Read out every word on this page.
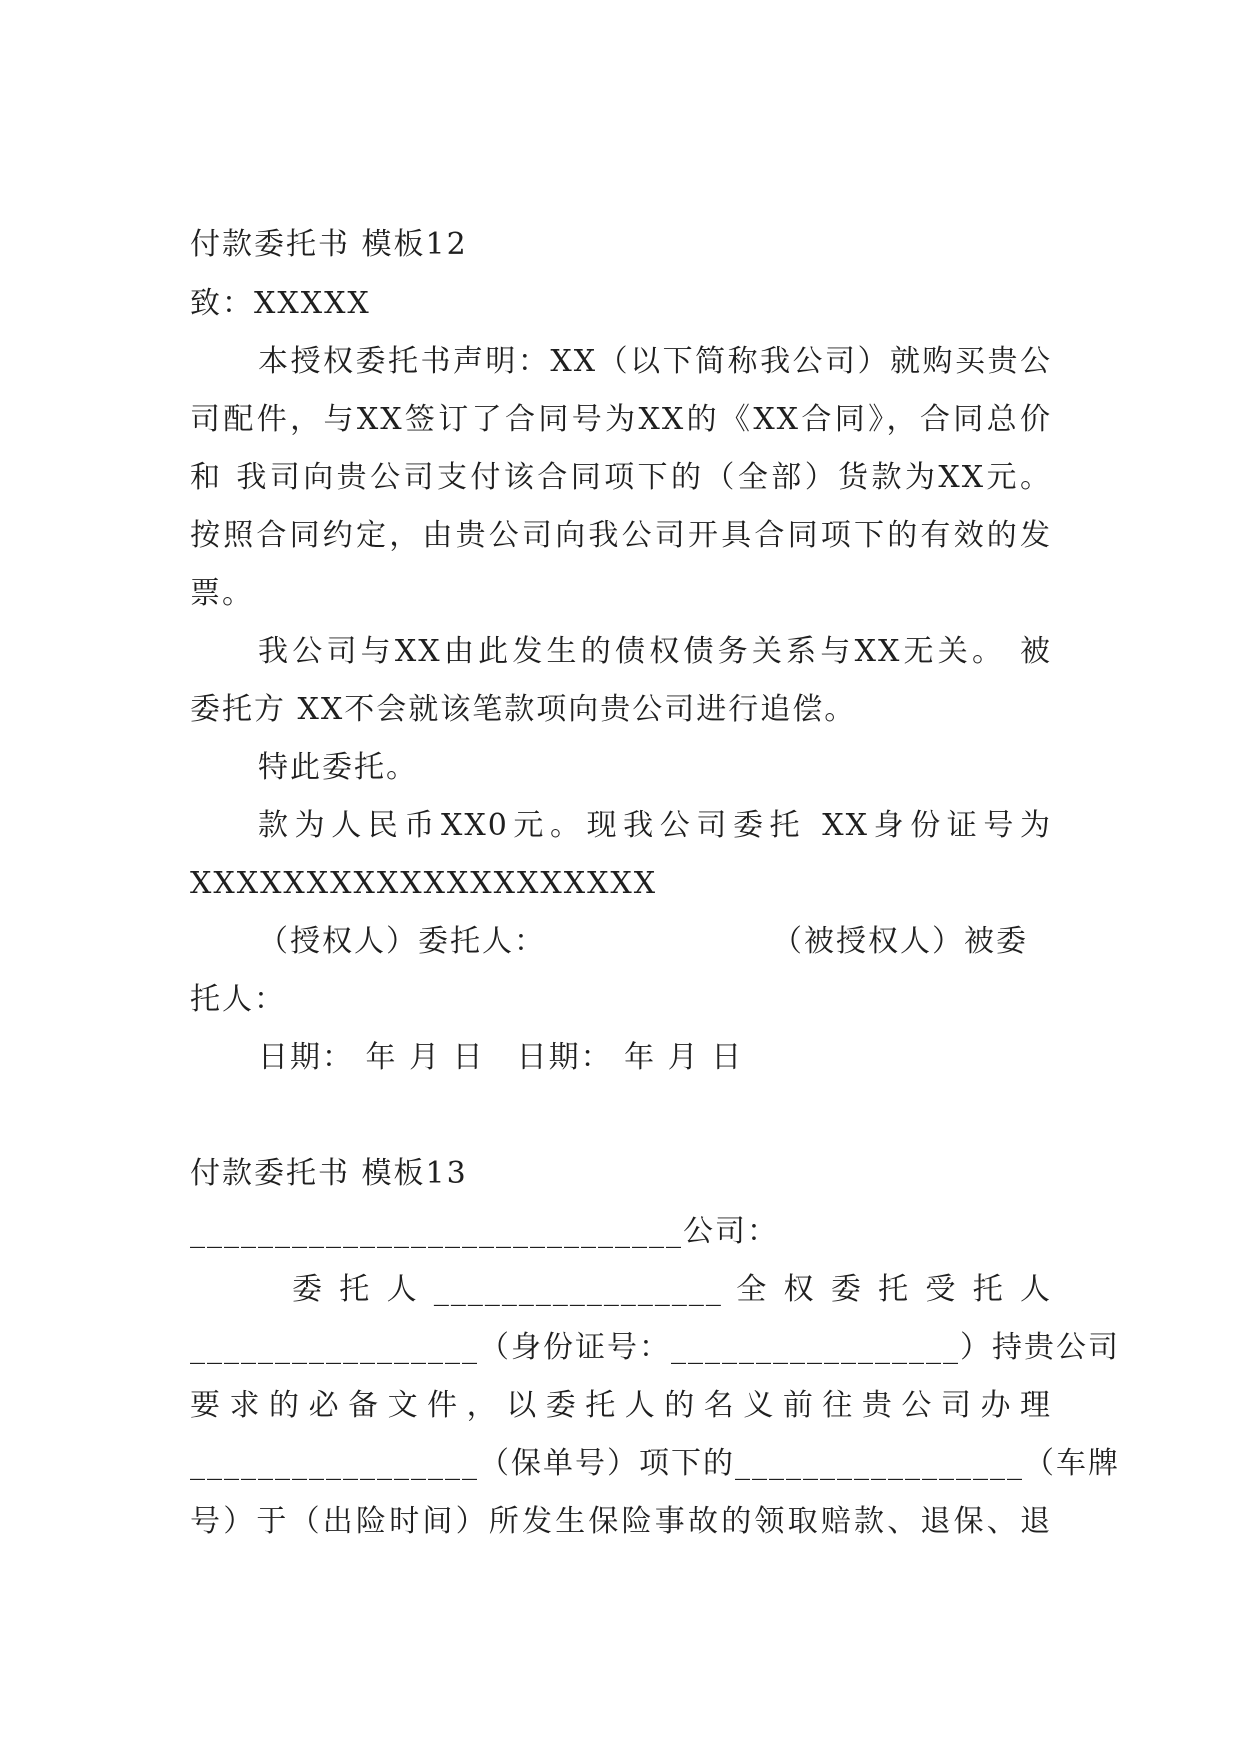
付款委托书 模板12
致：XXXXX
本授权委托书声明：XX（以下简称我公司）就购买贵公
司配件，与XX签订了合同号为XX的《XX合同》，合同总价
和 我司向贵公司支付该合同项下的（全部）货款为XX元。
按照合同约定，由贵公司向我公司开具合同项下的有效的发
票。
我公司与XX由此发生的债权债务关系与XX无关。 被
委托方 XX不会就该笔款项向贵公司进行追偿。
特此委托。
款为人民币XX0元。现我公司委托 XX身份证号为
XXXXXXXXXXXXXXXXXXXX
（授权人）委托人：　　　　　　　　（被授权人）被委
托人：
日期： 年 月 日　日期： 年 月 日
付款委托书 模板13
_____________________________公司：
委 托 人 _________________ 全 权 委 托 受 托 人
_________________（身份证号：_________________）持贵公司
要求的必备文件，以委托人的名义前往贵公司办理
_________________（保单号）项下的_________________（车牌
号）于（出险时间）所发生保险事故的领取赔款、退保、退
